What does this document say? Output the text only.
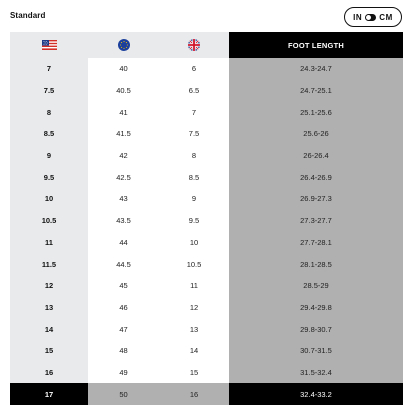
Standard	IN CM
			FOOT LENGTH
7	40	6	24.3-24.7
7.5	40.5	6.5	24.7-25.1
8	41	7	25.1-25.6
8.5	41.5	7.5	25.6-26
9	42	8	26-26.4
9.5	42.5	8.5	26.4-26.9
10	43	9	26.9-27.3
10.5	43.5	9.5	27.3-27.7
11	44	10	27.7-28.1
11.5	44.5	10.5	28.1-28.5
12	45	11	28.5-29
13	46	12	29.4-29.8
14	47	13	29.8-30.7
15	48	14	30.7-31.5
16	49	15	31.5-32.4
17	50	16	32.4-33.2
